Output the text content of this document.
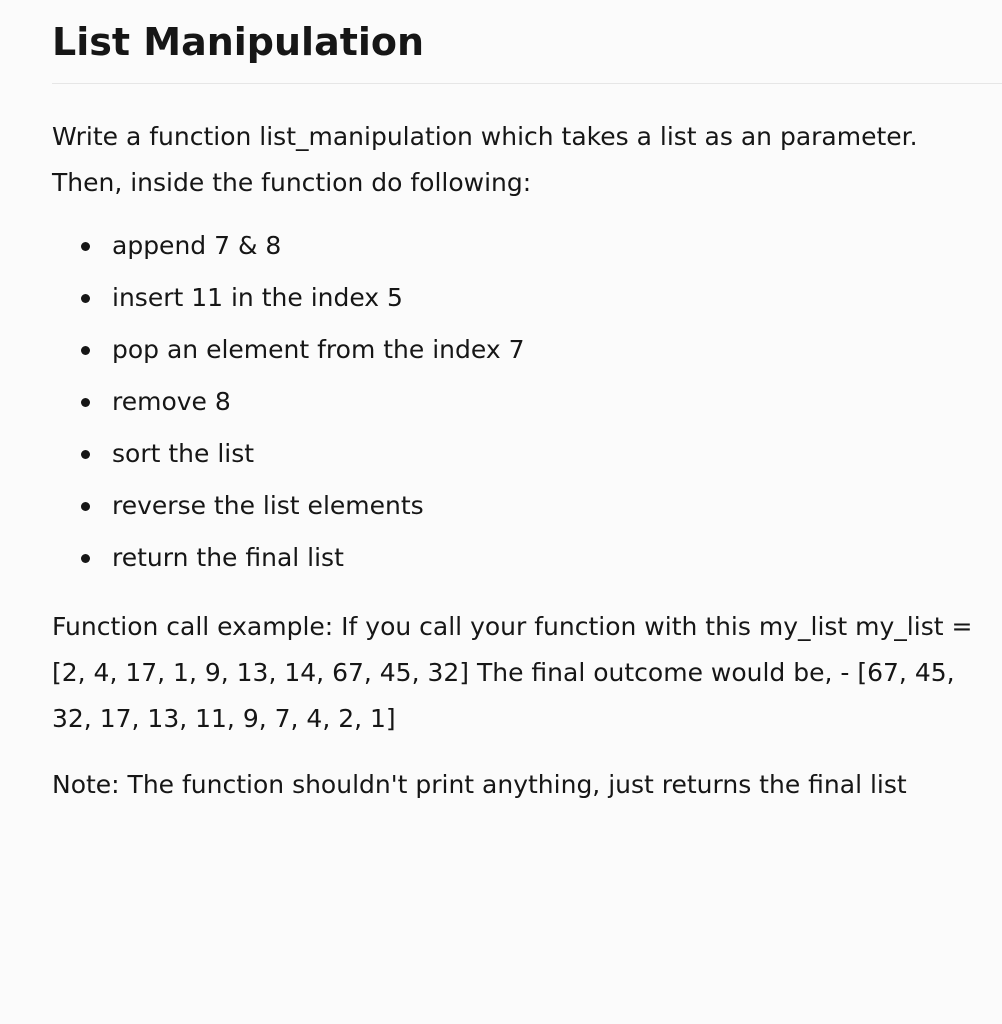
List Manipulation

Write a function list_manipulation which takes a list as an parameter. Then, inside the function do following:

append 7 & 8
insert 11 in the index 5
pop an element from the index 7
remove 8
sort the list
reverse the list elements
return the final list

Function call example: If you call your function with this my_list my_list = [2, 4, 17, 1, 9, 13, 14, 67, 45, 32] The final outcome would be, - [67, 45, 32, 17, 13, 11, 9, 7, 4, 2, 1]

Note: The function shouldn't print anything, just returns the final list
